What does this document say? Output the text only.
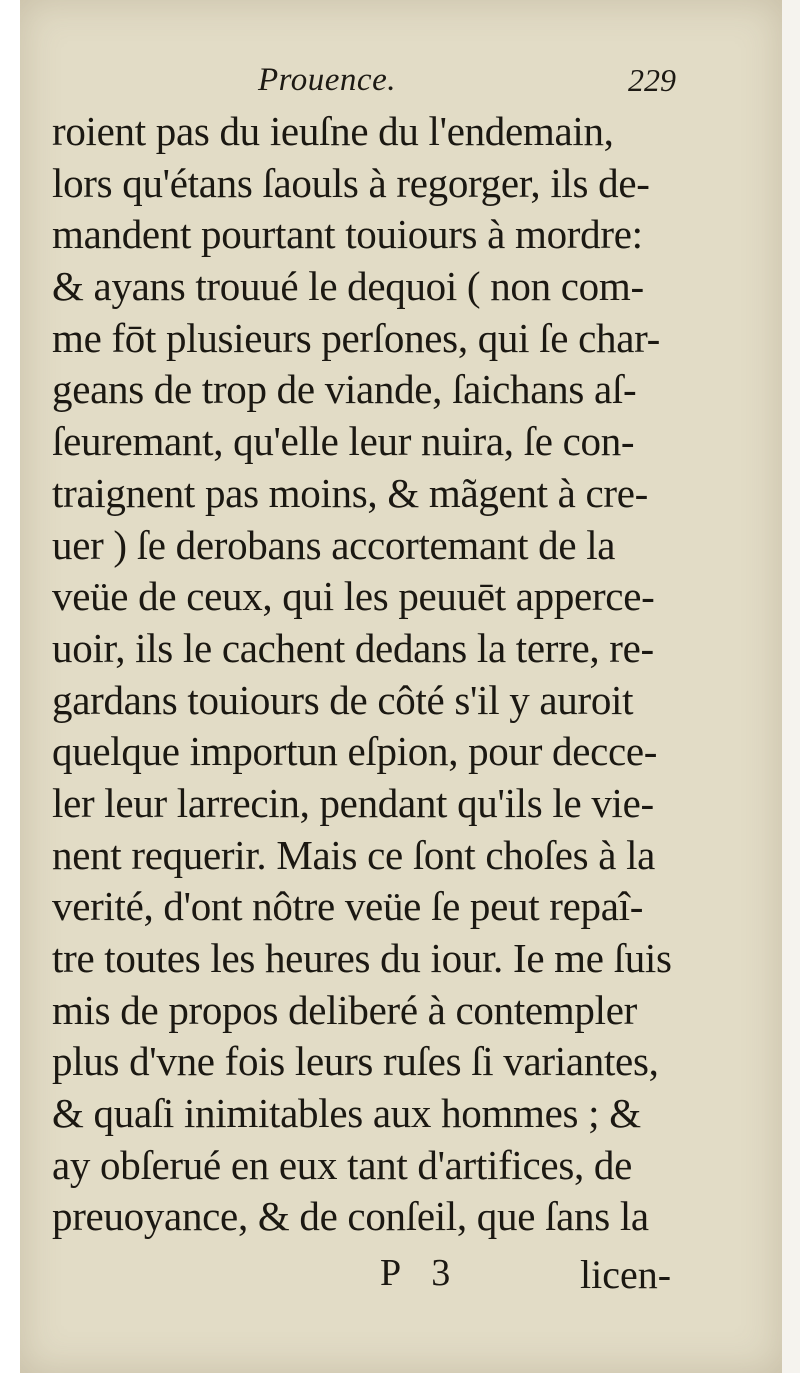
Prouence.	229
roient pas du ieuſne du l'endemain,
lors qu'étans ſaouls à regorger, ils de-
mandent pourtant touiours à mordre:
& ayans trouué le dequoi ( non com-
me fōt plusieurs perſones, qui ſe char-
geans de trop de viande, ſaichans aſ-
ſeuremant, qu'elle leur nuira, ſe con-
traignent pas moins, & mãgent à cre-
uer ) ſe derobans accortemant de la
veüe de ceux, qui les peuuēt apperce-
uoir, ils le cachent dedans la terre, re-
gardans touiours de côté s'il y auroit
quelque importun eſpion, pour decce-
ler leur larrecin, pendant qu'ils le vie-
nent requerir. Mais ce ſont choſes à la
verité, d'ont nôtre veüe ſe peut repaî-
tre toutes les heures du iour. Ie me ſuis
mis de propos deliberé à contempler
plus d'vne fois leurs ruſes ſi variantes,
& quaſi inimitables aux hommes ; &
ay obſerué en eux tant d'artifices, de
preuoyance, & de conſeil, que ſans la
P 3	licen-
